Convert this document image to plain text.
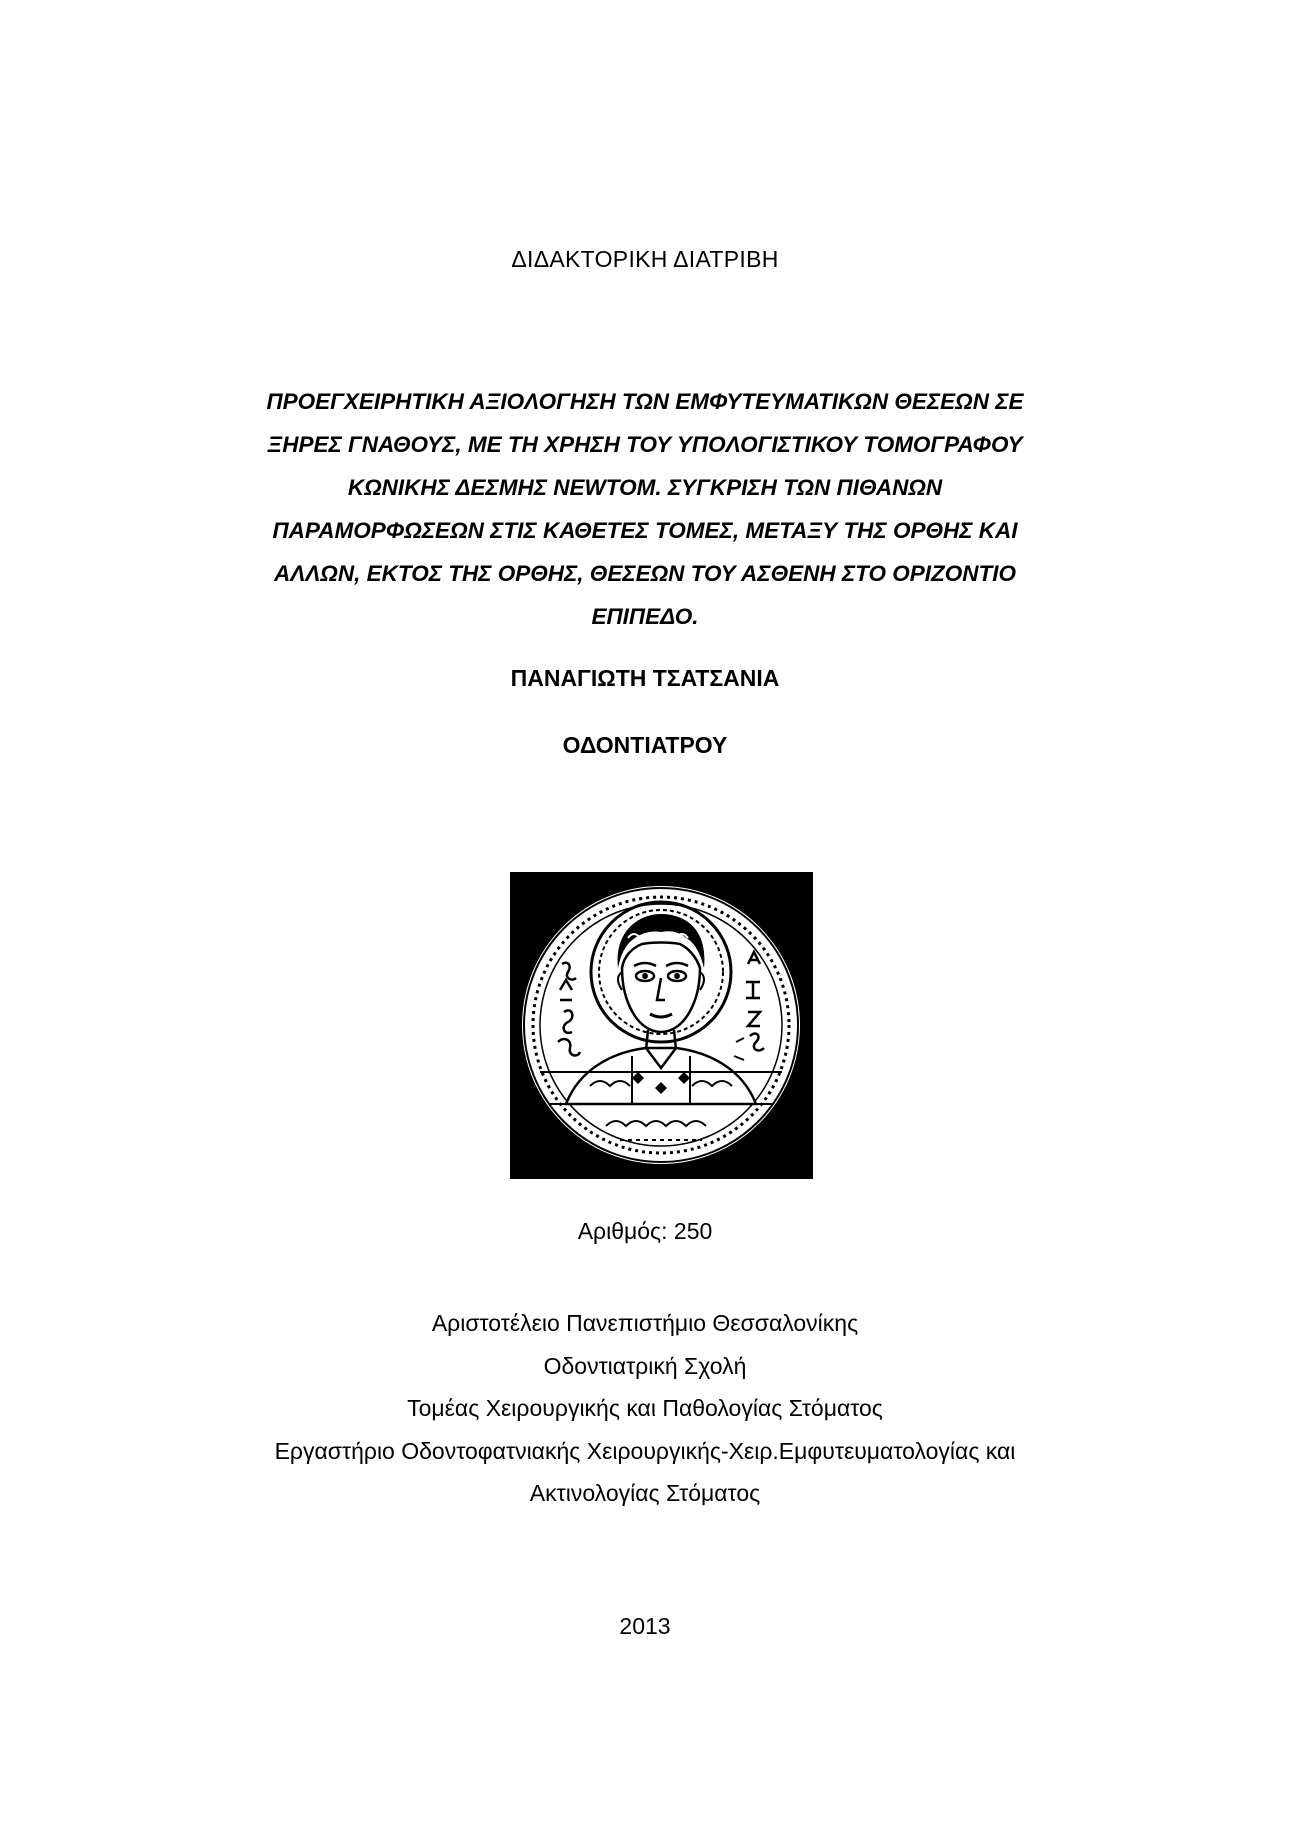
ΔΙΔΑΚΤΟΡΙΚΗ ΔΙΑΤΡΙΒΗ
ΠΡΟΕΓΧΕΙΡΗΤΙΚΗ ΑΞΙΟΛΟΓΗΣΗ ΤΩΝ ΕΜΦΥΤΕΥΜΑΤΙΚΩΝ ΘΕΣΕΩΝ ΣΕ
ΞΗΡΕΣ ΓΝΑΘΟΥΣ, ΜΕ ΤΗ ΧΡΗΣΗ ΤΟΥ ΥΠΟΛΟΓΙΣΤΙΚΟΥ ΤΟΜΟΓΡΑΦΟΥ
ΚΩΝΙΚΗΣ ΔΕΣΜΗΣ NEWTOM. ΣΥΓΚΡΙΣΗ ΤΩΝ ΠΙΘΑΝΩΝ
ΠΑΡΑΜΟΡΦΩΣΕΩΝ ΣΤΙΣ ΚΑΘΕΤΕΣ ΤΟΜΕΣ, ΜΕΤΑΞΥ ΤΗΣ ΟΡΘΗΣ ΚΑΙ
ΑΛΛΩΝ, ΕΚΤΟΣ ΤΗΣ ΟΡΘΗΣ, ΘΕΣΕΩΝ ΤΟΥ ΑΣΘΕΝΗ ΣΤΟ ΟΡΙΖΟΝΤΙΟ
ΕΠΙΠΕΔΟ.
ΠΑΝΑΓΙΩΤΗ ΤΣΑΤΣΑΝΙΑ
ΟΔΟΝΤΙΑΤΡΟΥ
Αριθμός: 250
Αριστοτέλειο Πανεπιστήμιο Θεσσαλονίκης
Οδοντιατρική Σχολή
Τομέας Χειρουργικής και Παθολογίας Στόματος
Εργαστήριο Οδοντοφατνιακής Χειρουργικής-Χειρ.Εμφυτευματολογίας και
Ακτινολογίας Στόματος
2013
